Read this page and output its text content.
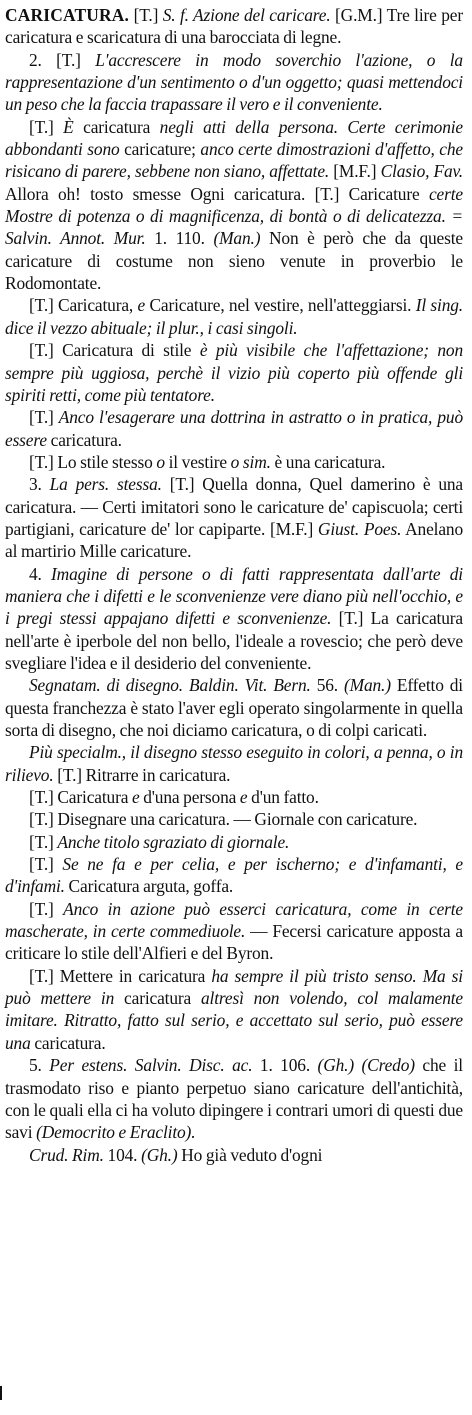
CARICATURA. [T.] S. f. Azione del caricare. [G.M.] Tre lire per caricatura e scaricatura di una barocciata di legne.

2. [T.] L'accrescere in modo soverchio l'azione, o la rappresentazione d'un sentimento o d'un oggetto; quasi mettendoci un peso che la faccia trapassare il vero e il conveniente.

[T.] È caricatura negli atti della persona. Certe cerimonie abbondanti sono caricature; anco certe dimostrazioni d'affetto, che risicano di parere, sebbene non siano, affettate. [M.F.] Clasio, Fav. Allora oh! tosto smesse Ogni caricatura. [T.] Caricature certe Mostre di potenza o di magnificenza, di bontà o di delicatezza. = Salvin. Annot. Mur. 1. 110. (Man.) Non è però che da queste caricature di costume non sieno venute in proverbio le Rodomontate.

[T.] Caricatura, e Caricature, nel vestire, nell'atteggiarsi. Il sing. dice il vezzo abituale; il plur., i casi singoli.

[T.] Caricatura di stile è più visibile che l'affettazione; non sempre più uggiosa, perchè il vizio più coperto più offende gli spiriti retti, come più tentatore.

[T.] Anco l'esagerare una dottrina in astratto o in pratica, può essere caricatura.

[T.] Lo stile stesso o il vestire o sim. è una caricatura.

3. La pers. stessa. [T.] Quella donna, Quel damerino è una caricatura. — Certi imitatori sono le caricature de' capiscuola; certi partigiani, caricature de' lor capiparte. [M.F.] Giust. Poes. Anelano al martirio Mille caricature.

4. Imagine di persone o di fatti rappresentata dall'arte di maniera che i difetti e le sconvenienze vere diano più nell'occhio, e i pregi stessi appajano difetti e sconvenienze. [T.] La caricatura nell'arte è iperbole del non bello, l'ideale a rovescio; che però deve svegliare l'idea e il desiderio del conveniente.

Segnatam. di disegno. Baldin. Vit. Bern. 56. (Man.) Effetto di questa franchezza è stato l'aver egli operato singolarmente in quella sorta di disegno, che noi diciamo caricatura, o di colpi caricati.

Più specialm., il disegno stesso eseguito in colori, a penna, o in rilievo. [T.] Ritrarre in caricatura.

[T.] Caricatura e d'una persona e d'un fatto.

[T.] Disegnare una caricatura. — Giornale con caricature.

[T.] Anche titolo sgraziato di giornale.

[T.] Se ne fa e per celia, e per ischerno; e d'infamanti, e d'infami. Caricatura arguta, goffa.

[T.] Anco in azione può esserci caricatura, come in certe mascherate, in certe commediuole. — Fecersi caricature apposta a criticare lo stile dell'Alfieri e del Byron.

[T.] Mettere in caricatura ha sempre il più tristo senso. Ma si può mettere in caricatura altresì non volendo, col malamente imitare. Ritratto, fatto sul serio, e accettato sul serio, può essere una caricatura.

5. Per estens. Salvin. Disc. ac. 1. 106. (Gh.) (Credo) che il trasmodato riso e pianto perpetuo siano caricature dell'antichità, con le quali ella ci ha voluto dipingere i contrari umori di questi due savi (Democrito e Eraclito).

Crud. Rim. 104. (Gh.) Ho già veduto d'ogni
